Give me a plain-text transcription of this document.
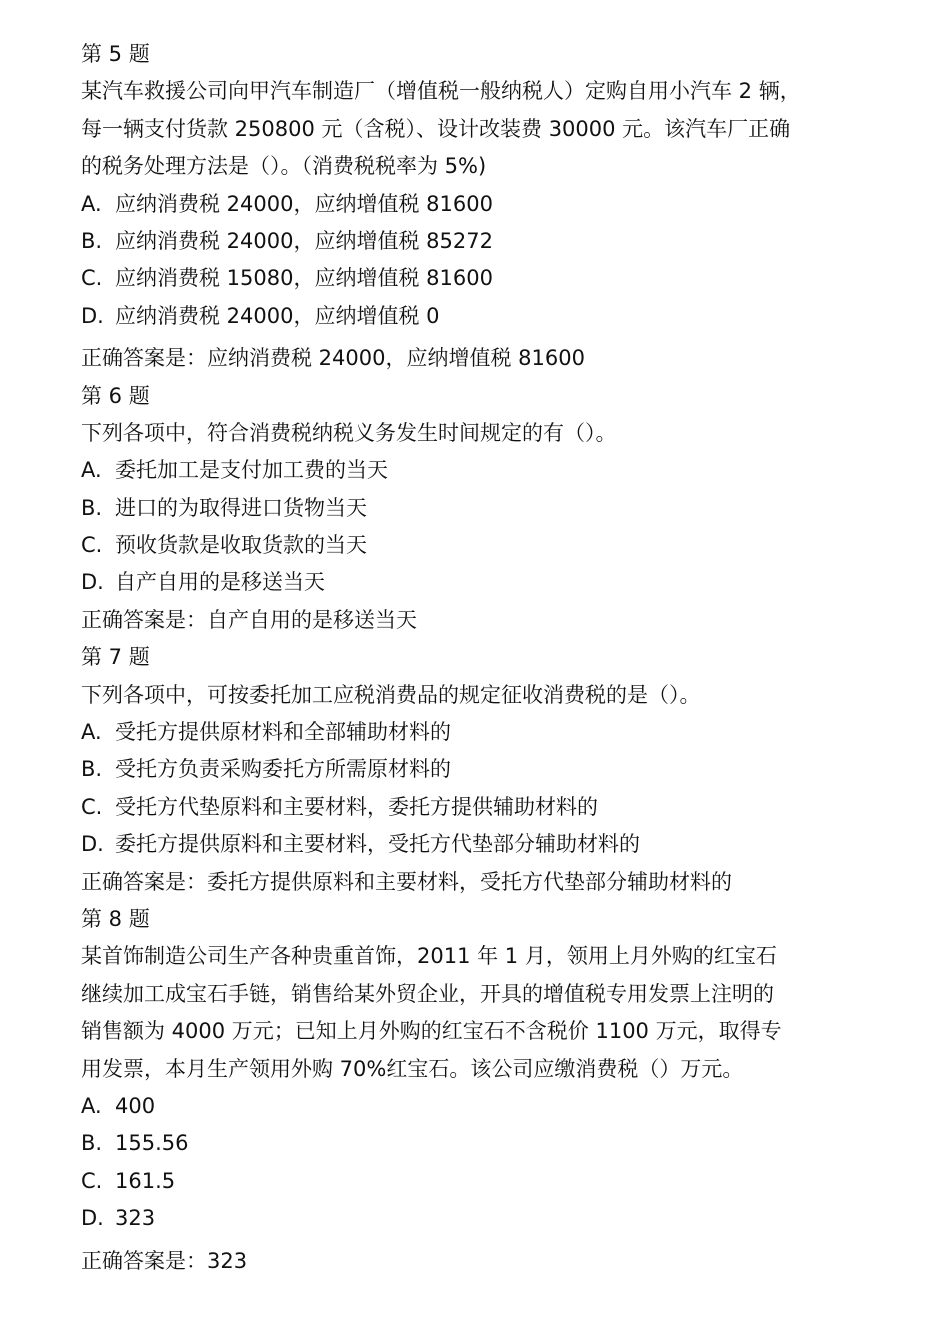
第 5 题
某汽车救援公司向甲汽车制造厂（增值税一般纳税人）定购自用小汽车 2 辆，
每一辆支付货款 250800 元（含税）、设计改装费 30000 元。该汽车厂正确
的税务处理方法是（）。（消费税税率为 5%)
A. 应纳消费税 24000，应纳增值税 81600
B. 应纳消费税 24000，应纳增值税 85272
C. 应纳消费税 15080，应纳增值税 81600
D. 应纳消费税 24000，应纳增值税 0
正确答案是：应纳消费税 24000，应纳增值税 81600
第 6 题
下列各项中，符合消费税纳税义务发生时间规定的有（）。
A. 委托加工是支付加工费的当天
B. 进口的为取得进口货物当天
C. 预收货款是收取货款的当天
D. 自产自用的是移送当天
正确答案是：自产自用的是移送当天
第 7 题
下列各项中，可按委托加工应税消费品的规定征收消费税的是（）。
A. 受托方提供原材料和全部辅助材料的
B. 受托方负责采购委托方所需原材料的
C. 受托方代垫原料和主要材料，委托方提供辅助材料的
D. 委托方提供原料和主要材料，受托方代垫部分辅助材料的
正确答案是：委托方提供原料和主要材料，受托方代垫部分辅助材料的
第 8 题
某首饰制造公司生产各种贵重首饰，2011 年 1 月，领用上月外购的红宝石
继续加工成宝石手链，销售给某外贸企业，开具的增值税专用发票上注明的
销售额为 4000 万元；已知上月外购的红宝石不含税价 1100 万元，取得专
用发票，本月生产领用外购 70%红宝石。该公司应缴消费税（）万元。
A. 400
B. 155.56
C. 161.5
D. 323
正确答案是：323
